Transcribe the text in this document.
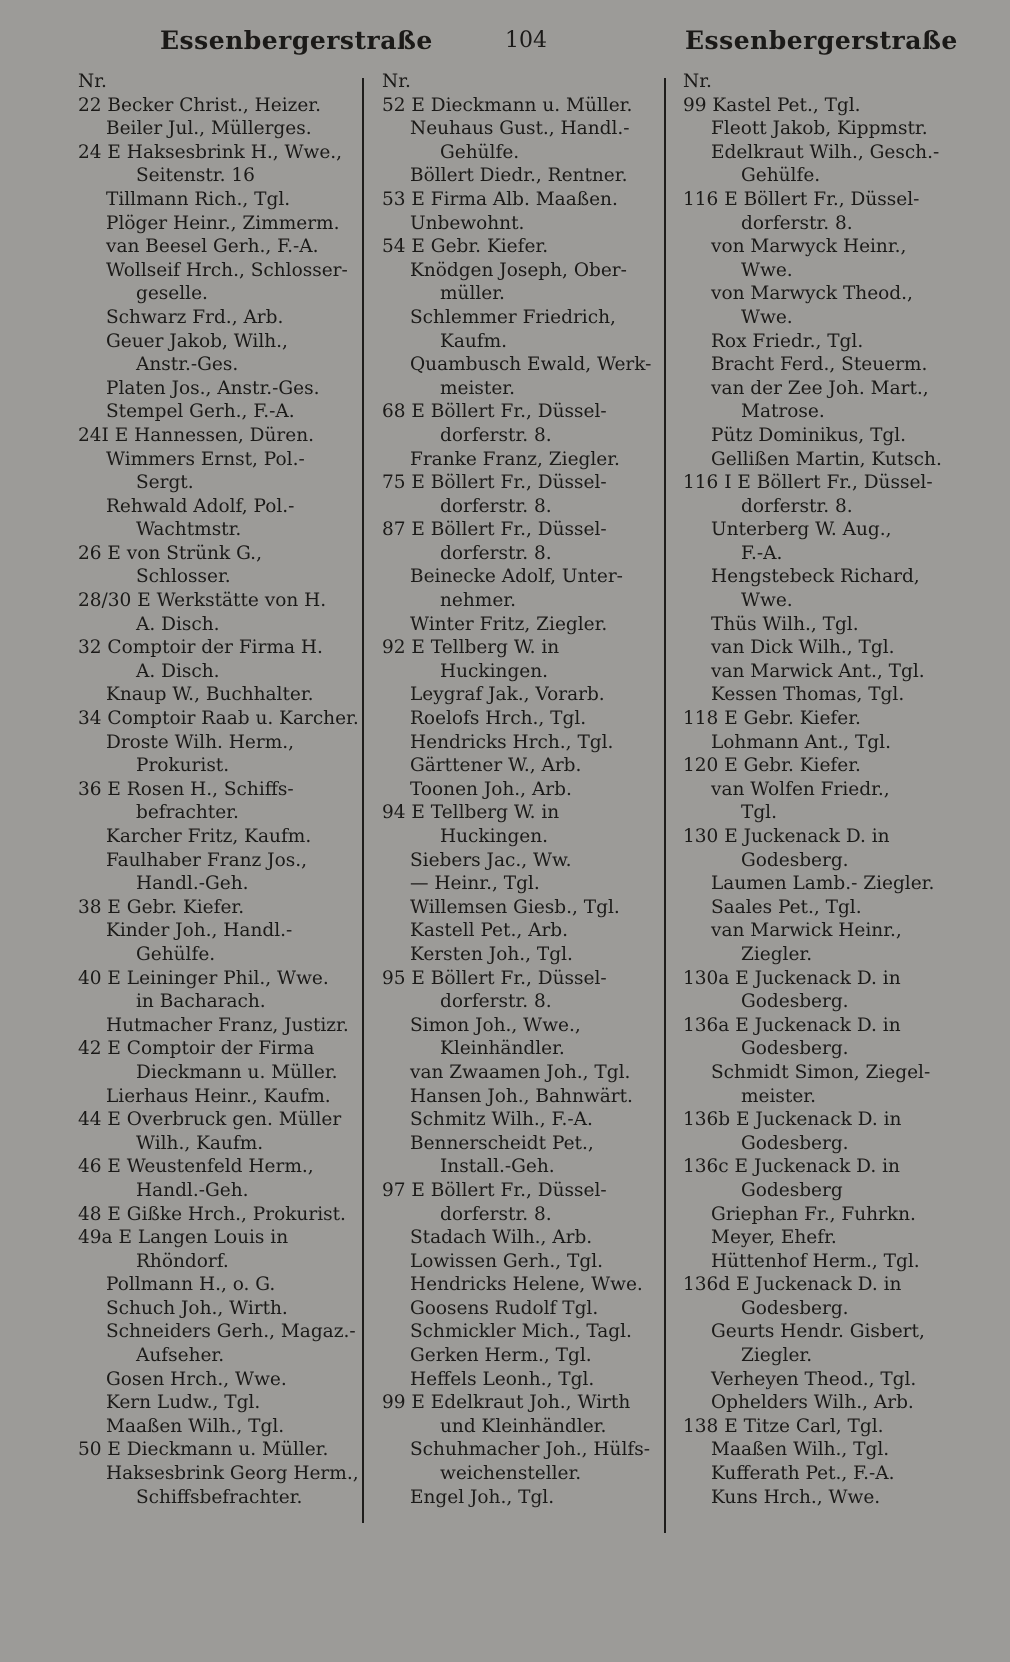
Essenbergerstraße	104	Essenbergerstraße
Nr.
22 Becker Christ., Heizer.
Beiler Jul., Müllerges.
24 E Haksesbrink H., Wwe.,
Seitenstr. 16
Tillmann Rich., Tgl.
Plöger Heinr., Zimmerm.
van Beesel Gerh., F.-A.
Wollseif Hrch., Schlosser-
geselle.
Schwarz Frd., Arb.
Geuer Jakob, Wilh.,
Anstr.-Ges.
Platen Jos., Anstr.-Ges.
Stempel Gerh., F.-A.
24I E Hannessen, Düren.
Wimmers Ernst, Pol.-
Sergt.
Rehwald Adolf, Pol.-
Wachtmstr.
26 E von Strünk G.,
Schlosser.
28/30 E Werkstätte von H.
A. Disch.
32 Comptoir der Firma H.
A. Disch.
Knaup W., Buchhalter.
34 Comptoir Raab u. Karcher.
Droste Wilh. Herm.,
Prokurist.
36 E Rosen H., Schiffs-
befrachter.
Karcher Fritz, Kaufm.
Faulhaber Franz Jos.,
Handl.-Geh.
38 E Gebr. Kiefer.
Kinder Joh., Handl.-
Gehülfe.
40 E Leininger Phil., Wwe.
in Bacharach.
Hutmacher Franz, Justizr.
42 E Comptoir der Firma
Dieckmann u. Müller.
Lierhaus Heinr., Kaufm.
44 E Overbruck gen. Müller
Wilh., Kaufm.
46 E Weustenfeld Herm.,
Handl.-Geh.
48 E Gißke Hrch., Prokurist.
49a E Langen Louis in
Rhöndorf.
Pollmann H., o. G.
Schuch Joh., Wirth.
Schneiders Gerh., Magaz.-
Aufseher.
Gosen Hrch., Wwe.
Kern Ludw., Tgl.
Maaßen Wilh., Tgl.
50 E Dieckmann u. Müller.
Haksesbrink Georg Herm.,
Schiffsbefrachter.
Nr.
52 E Dieckmann u. Müller.
Neuhaus Gust., Handl.-
Gehülfe.
Böllert Diedr., Rentner.
53 E Firma Alb. Maaßen.
Unbewohnt.
54 E Gebr. Kiefer.
Knödgen Joseph, Ober-
müller.
Schlemmer Friedrich,
Kaufm.
Quambusch Ewald, Werk-
meister.
68 E Böllert Fr., Düssel-
dorferstr. 8.
Franke Franz, Ziegler.
75 E Böllert Fr., Düssel-
dorferstr. 8.
87 E Böllert Fr., Düssel-
dorferstr. 8.
Beinecke Adolf, Unter-
nehmer.
Winter Fritz, Ziegler.
92 E Tellberg W. in
Huckingen.
Leygraf Jak., Vorarb.
Roelofs Hrch., Tgl.
Hendricks Hrch., Tgl.
Gärttener W., Arb.
Toonen Joh., Arb.
94 E Tellberg W. in
Huckingen.
Siebers Jac., Ww.
— Heinr., Tgl.
Willemsen Giesb., Tgl.
Kastell Pet., Arb.
Kersten Joh., Tgl.
95 E Böllert Fr., Düssel-
dorferstr. 8.
Simon Joh., Wwe.,
Kleinhändler.
van Zwaamen Joh., Tgl.
Hansen Joh., Bahnwärt.
Schmitz Wilh., F.-A.
Bennerscheidt Pet.,
Install.-Geh.
97 E Böllert Fr., Düssel-
dorferstr. 8.
Stadach Wilh., Arb.
Lowissen Gerh., Tgl.
Hendricks Helene, Wwe.
Goosens Rudolf Tgl.
Schmickler Mich., Tagl.
Gerken Herm., Tgl.
Heffels Leonh., Tgl.
99 E Edelkraut Joh., Wirth
und Kleinhändler.
Schuhmacher Joh., Hülfs-
weichensteller.
Engel Joh., Tgl.
Nr.
99 Kastel Pet., Tgl.
Fleott Jakob, Kippmstr.
Edelkraut Wilh., Gesch.-
Gehülfe.
116 E Böllert Fr., Düssel-
dorferstr. 8.
von Marwyck Heinr.,
Wwe.
von Marwyck Theod.,
Wwe.
Rox Friedr., Tgl.
Bracht Ferd., Steuerm.
van der Zee Joh. Mart.,
Matrose.
Pütz Dominikus, Tgl.
Gellißen Martin, Kutsch.
116 I E Böllert Fr., Düssel-
dorferstr. 8.
Unterberg W. Aug.,
F.-A.
Hengstebeck Richard,
Wwe.
Thüs Wilh., Tgl.
van Dick Wilh., Tgl.
van Marwick Ant., Tgl.
Kessen Thomas, Tgl.
118 E Gebr. Kiefer.
Lohmann Ant., Tgl.
120 E Gebr. Kiefer.
van Wolfen Friedr.,
Tgl.
130 E Juckenack D. in
Godesberg.
Laumen Lamb.- Ziegler.
Saales Pet., Tgl.
van Marwick Heinr.,
Ziegler.
130a E Juckenack D. in
Godesberg.
136a E Juckenack D. in
Godesberg.
Schmidt Simon, Ziegel-
meister.
136b E Juckenack D. in
Godesberg.
136c E Juckenack D. in
Godesberg
Griephan Fr., Fuhrkn.
Meyer, Ehefr.
Hüttenhof Herm., Tgl.
136d E Juckenack D. in
Godesberg.
Geurts Hendr. Gisbert,
Ziegler.
Verheyen Theod., Tgl.
Ophelders Wilh., Arb.
138 E Titze Carl, Tgl.
Maaßen Wilh., Tgl.
Kufferath Pet., F.-A.
Kuns Hrch., Wwe.
